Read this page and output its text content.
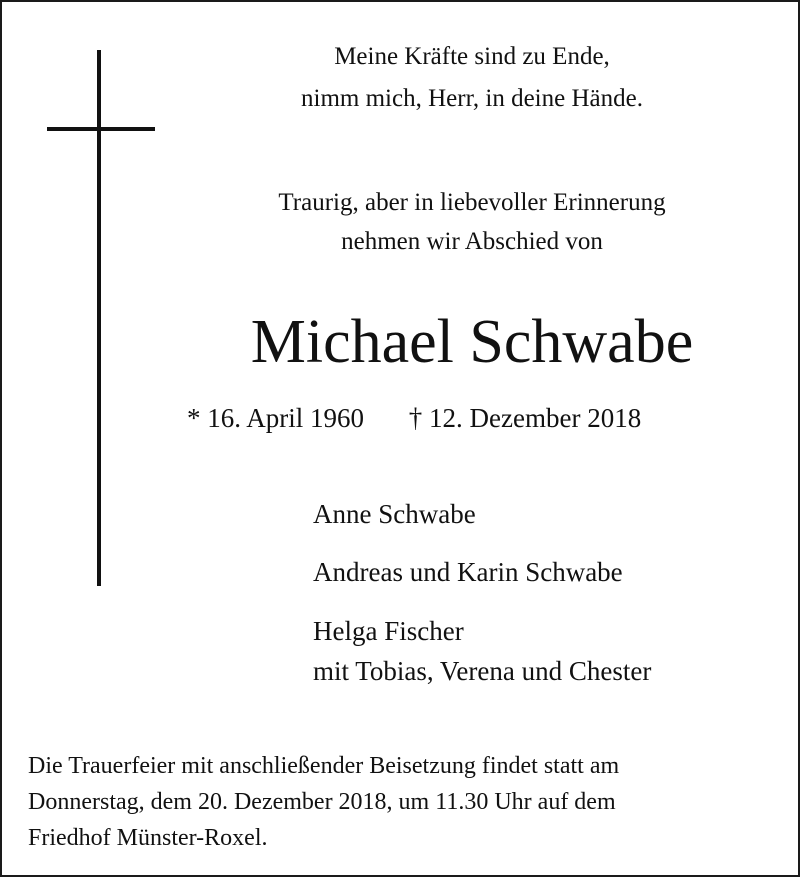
Meine Kräfte sind zu Ende,
nimm mich, Herr, in deine Hände.
Traurig, aber in liebevoller Erinnerung
nehmen wir Abschied von
Michael Schwabe
* 16. April 1960 † 12. Dezember 2018
Anne Schwabe
Andreas und Karin Schwabe
Helga Fischer
mit Tobias, Verena und Chester
Die Trauerfeier mit anschließender Beisetzung findet statt am
Donnerstag, dem 20. Dezember 2018, um 11.30 Uhr auf dem
Friedhof Münster-Roxel.
